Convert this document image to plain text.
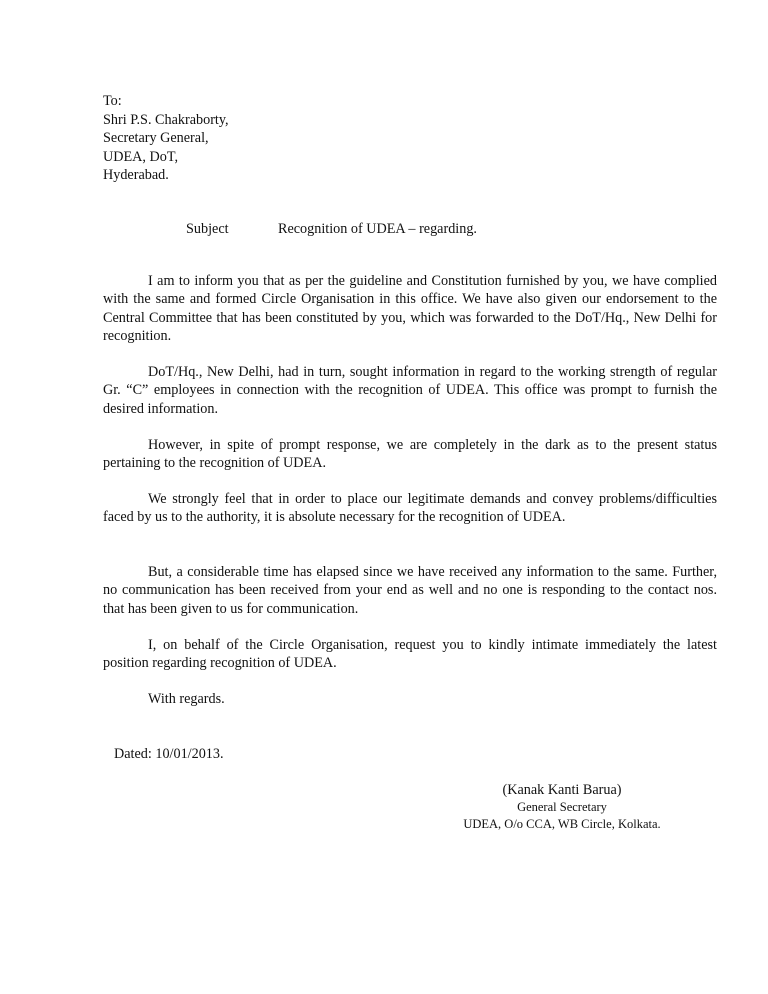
To:
Shri P.S. Chakraborty,
Secretary General,
UDEA, DoT,
Hyderabad.
Subject	Recognition of UDEA – regarding.

I am to inform you that as per the guideline and Constitution furnished by you, we have complied with the same and formed Circle Organisation in this office. We have also given our endorsement to the Central Committee that has been constituted by you, which was forwarded to the DoT/Hq., New Delhi for recognition.

DoT/Hq., New Delhi, had in turn, sought information in regard to the working strength of regular Gr. “C” employees in connection with the recognition of UDEA. This office was prompt to furnish the desired information.

However, in spite of prompt response, we are completely in the dark as to the present status pertaining to the recognition of UDEA.

We strongly feel that in order to place our legitimate demands and convey problems/difficulties faced by us to the authority, it is absolute necessary for the recognition of UDEA.

But, a considerable time has elapsed since we have received any information to the same. Further, no communication has been received from your end as well and no one is responding to the contact nos. that has been given to us for communication.

I, on behalf of the Circle Organisation, request you to kindly intimate immediately the latest position regarding recognition of UDEA.

With regards.

Dated: 10/01/2013.
(Kanak Kanti Barua)
General Secretary
UDEA, O/o CCA, WB Circle, Kolkata.
